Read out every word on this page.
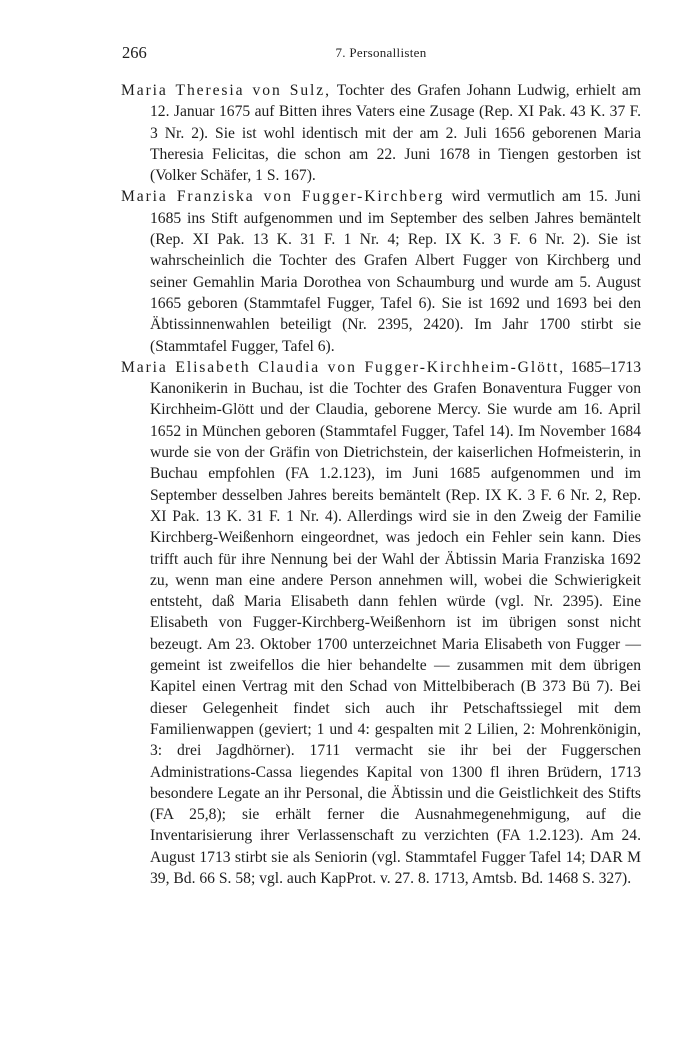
266	7. Personallisten

Maria Theresia von Sulz, Tochter des Grafen Johann Ludwig, erhielt am 12. Januar 1675 auf Bitten ihres Vaters eine Zusage (Rep. XI Pak. 43 K. 37 F. 3 Nr. 2). Sie ist wohl identisch mit der am 2. Juli 1656 geborenen Maria Theresia Felicitas, die schon am 22. Juni 1678 in Tiengen gestorben ist (Volker Schäfer, 1 S. 167).

Maria Franziska von Fugger-Kirchberg wird vermutlich am 15. Juni 1685 ins Stift aufgenommen und im September des selben Jahres bemäntelt (Rep. XI Pak. 13 K. 31 F. 1 Nr. 4; Rep. IX K. 3 F. 6 Nr. 2). Sie ist wahrscheinlich die Tochter des Grafen Albert Fugger von Kirchberg und seiner Gemahlin Maria Dorothea von Schaumburg und wurde am 5. August 1665 geboren (Stammtafel Fugger, Tafel 6). Sie ist 1692 und 1693 bei den Äbtissinnenwahlen beteiligt (Nr. 2395, 2420). Im Jahr 1700 stirbt sie (Stammtafel Fugger, Tafel 6).

Maria Elisabeth Claudia von Fugger-Kirchheim-Glött, 1685–1713 Kanonikerin in Buchau, ist die Tochter des Grafen Bonaventura Fugger von Kirchheim-Glött und der Claudia, geborene Mercy. Sie wurde am 16. April 1652 in München geboren (Stammtafel Fugger, Tafel 14). Im November 1684 wurde sie von der Gräfin von Dietrichstein, der kaiserlichen Hofmeisterin, in Buchau empfohlen (FA 1.2.123), im Juni 1685 aufgenommen und im September desselben Jahres bereits bemäntelt (Rep. IX K. 3 F. 6 Nr. 2, Rep. XI Pak. 13 K. 31 F. 1 Nr. 4). Allerdings wird sie in den Zweig der Familie Kirchberg-Weißenhorn eingeordnet, was jedoch ein Fehler sein kann. Dies trifft auch für ihre Nennung bei der Wahl der Äbtissin Maria Franziska 1692 zu, wenn man eine andere Person annehmen will, wobei die Schwierigkeit entsteht, daß Maria Elisabeth dann fehlen würde (vgl. Nr. 2395). Eine Elisabeth von Fugger-Kirchberg-Weißenhorn ist im übrigen sonst nicht bezeugt. Am 23. Oktober 1700 unterzeichnet Maria Elisabeth von Fugger — gemeint ist zweifellos die hier behandelte — zusammen mit dem übrigen Kapitel einen Vertrag mit den Schad von Mittelbiberach (B 373 Bü 7). Bei dieser Gelegenheit findet sich auch ihr Petschaftssiegel mit dem Familienwappen (geviert; 1 und 4: gespalten mit 2 Lilien, 2: Mohrenkönigin, 3: drei Jagdhörner). 1711 vermacht sie ihr bei der Fuggerschen Administrations-Cassa liegendes Kapital von 1300 fl ihren Brüdern, 1713 besondere Legate an ihr Personal, die Äbtissin und die Geistlichkeit des Stifts (FA 25,8); sie erhält ferner die Ausnahmegenehmigung, auf die Inventarisierung ihrer Verlassenschaft zu verzichten (FA 1.2.123). Am 24. August 1713 stirbt sie als Seniorin (vgl. Stammtafel Fugger Tafel 14; DAR M 39, Bd. 66 S. 58; vgl. auch KapProt. v. 27. 8. 1713, Amtsb. Bd. 1468 S. 327).
